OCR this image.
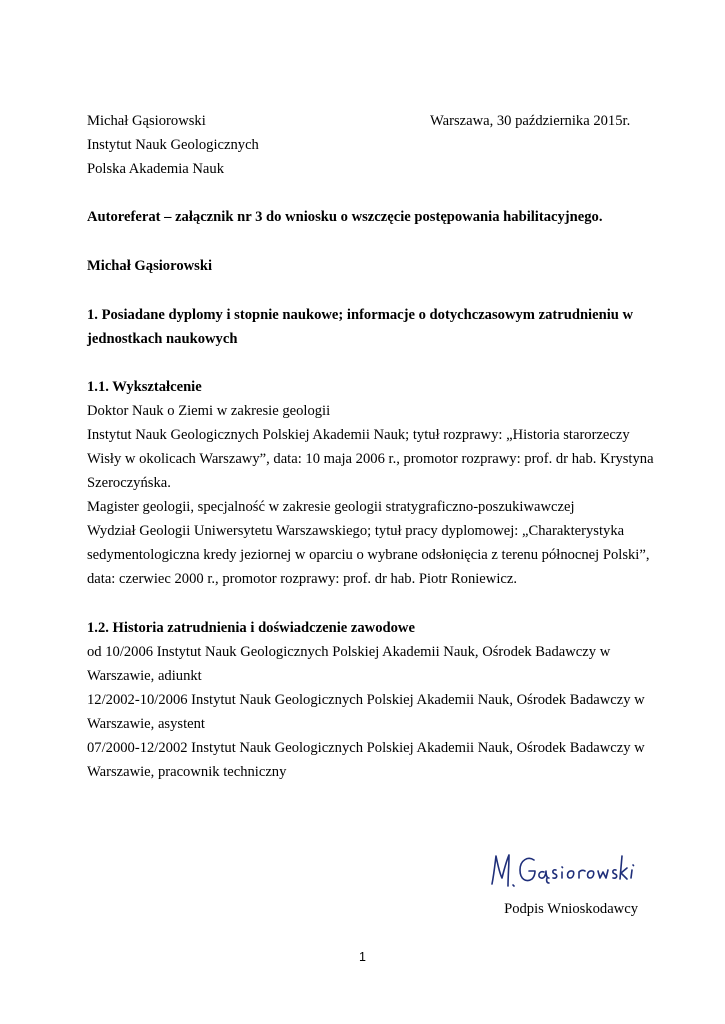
Michał Gąsiorowski	Warszawa, 30 października 2015r.
Instytut Nauk Geologicznych
Polska Akademia Nauk
Autoreferat – załącznik nr 3 do wniosku o wszczęcie postępowania habilitacyjnego.
Michał Gąsiorowski
1. Posiadane dyplomy i stopnie naukowe; informacje o dotychczasowym zatrudnieniu w
jednostkach naukowych
1.1. Wykształcenie
Doktor Nauk o Ziemi w zakresie geologii
Instytut Nauk Geologicznych Polskiej Akademii Nauk; tytuł rozprawy: „Historia starorzeczy
Wisły w okolicach Warszawy”, data: 10 maja 2006 r., promotor rozprawy: prof. dr hab. Krystyna
Szeroczyńska.
Magister geologii, specjalność w zakresie geologii stratygraficzno-poszukiwawczej
Wydział Geologii Uniwersytetu Warszawskiego; tytuł pracy dyplomowej: „Charakterystyka
sedymentologiczna kredy jeziornej w oparciu o wybrane odsłonięcia z terenu północnej Polski”,
data: czerwiec 2000 r., promotor rozprawy: prof. dr hab. Piotr Roniewicz.
1.2. Historia zatrudnienia i doświadczenie zawodowe
od 10/2006 Instytut Nauk Geologicznych Polskiej Akademii Nauk, Ośrodek Badawczy w
Warszawie, adiunkt
12/2002-10/2006 Instytut Nauk Geologicznych Polskiej Akademii Nauk, Ośrodek Badawczy w
Warszawie, asystent
07/2000-12/2002 Instytut Nauk Geologicznych Polskiej Akademii Nauk, Ośrodek Badawczy w
Warszawie, pracownik techniczny
Podpis Wnioskodawcy
1
